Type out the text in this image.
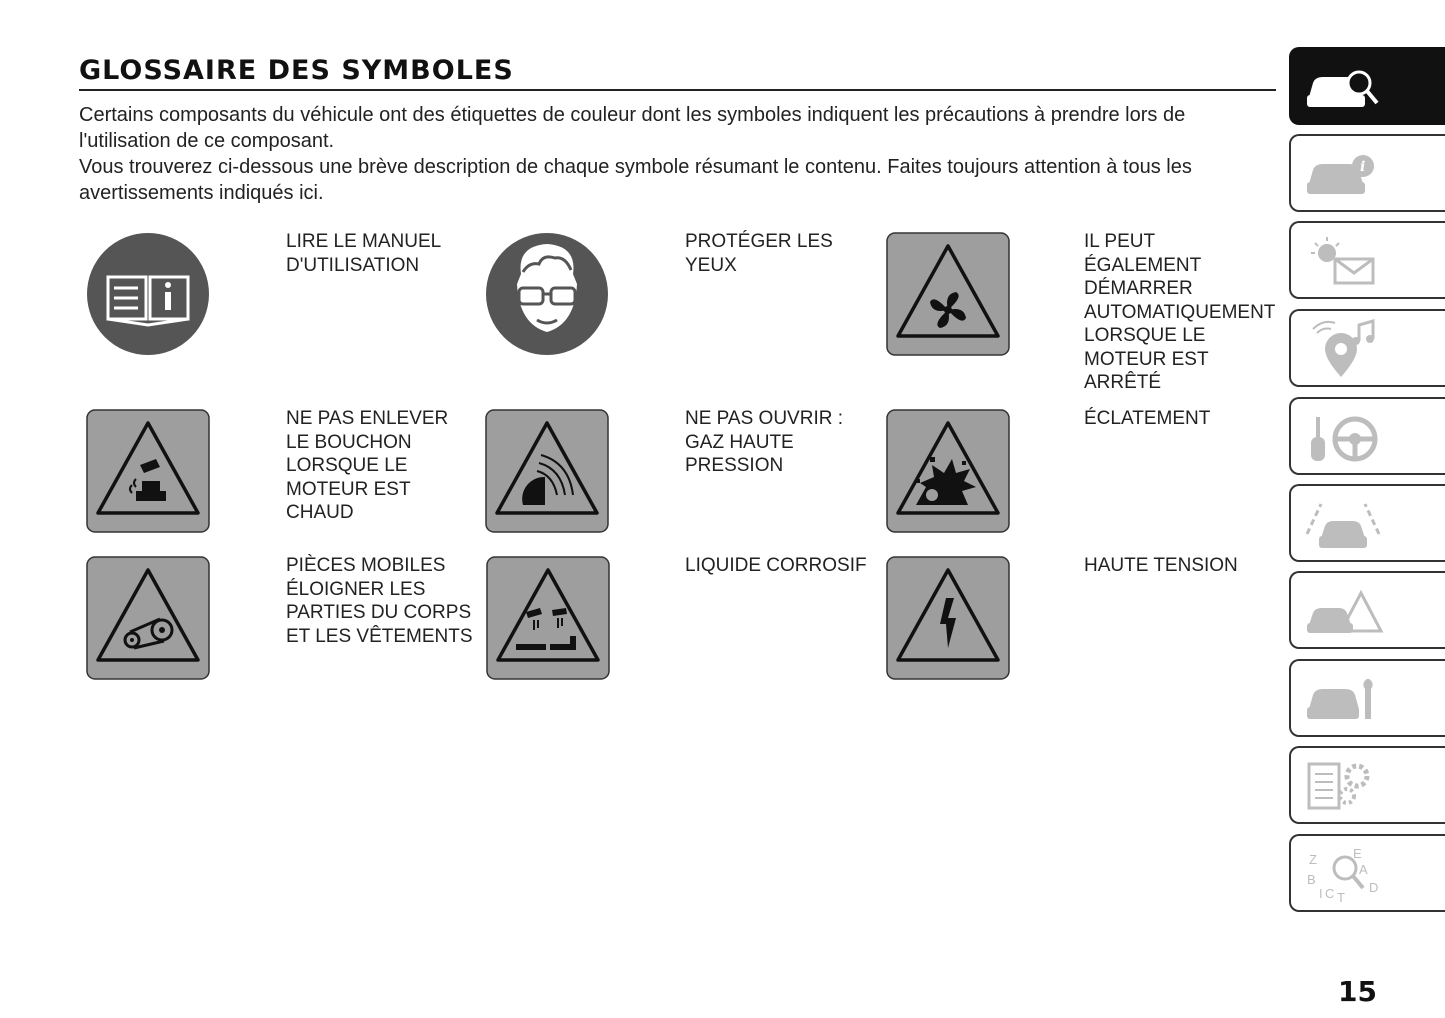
GLOSSAIRE DES SYMBOLES

Certains composants du véhicule ont des étiquettes de couleur dont les symboles indiquent les précautions à prendre lors de l'utilisation de ce composant.

Vous trouverez ci-dessous une brève description de chaque symbole résumant le contenu. Faites toujours attention à tous les avertissements indiqués ici.

LIRE LE MANUEL
D'UTILISATION
PROTÉGER LES
YEUX
IL PEUT
ÉGALEMENT
DÉMARRER
AUTOMATIQUEMENT
LORSQUE LE
MOTEUR EST
ARRÊTÉ
NE PAS ENLEVER
LE BOUCHON
LORSQUE LE
MOTEUR EST
CHAUD
NE PAS OUVRIR :
GAZ HAUTE
PRESSION
ÉCLATEMENT
PIÈCES MOBILES
ÉLOIGNER LES
PARTIES DU CORPS
ET LES VÊTEMENTS
LIQUIDE CORROSIF	HAUTE TENSION
i
Z	E
A
B
D
C T
I
15
